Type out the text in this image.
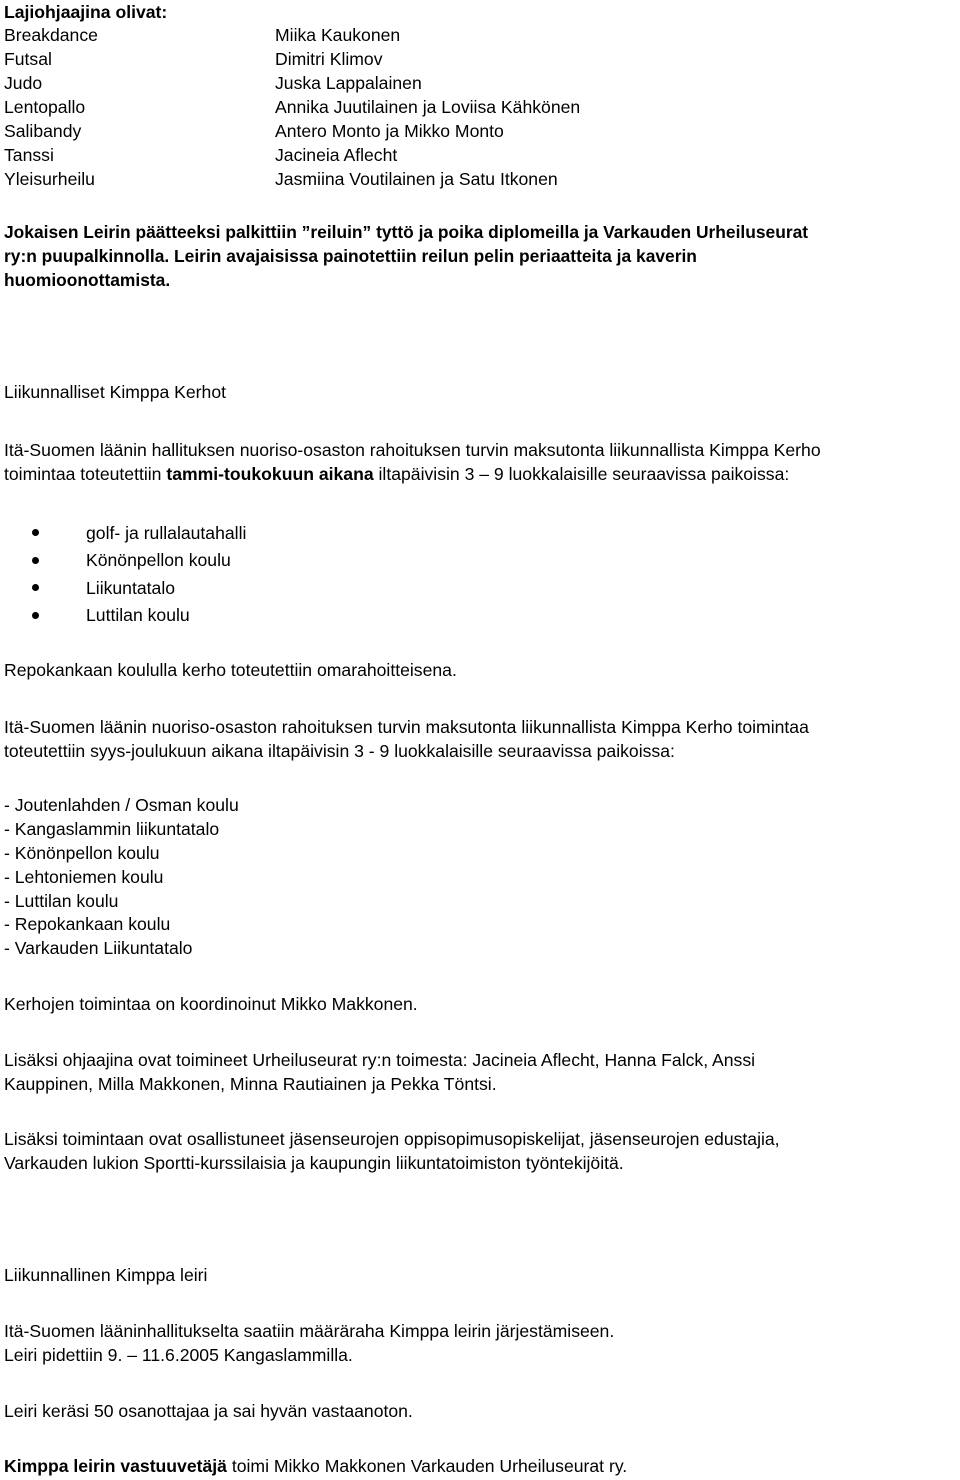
Lajiohjaajina olivat:

Breakdance
Futsal
Judo
Lentopallo
Salibandy
Tanssi
Yleisurheilu
Miika Kaukonen
Dimitri Klimov
Juska Lappalainen
Annika Juutilainen ja Loviisa Kähkönen
Antero Monto ja Mikko Monto
Jacineia Aflecht
Jasmiina Voutilainen ja Satu Itkonen
Jokaisen Leirin päätteeksi palkittiin ”reiluin” tyttö ja poika diplomeilla ja Varkauden Urheiluseurat
ry:n puupalkinnolla. Leirin avajaisissa painotettiin reilun pelin periaatteita ja kaverin
huomioonottamista.

Liikunnalliset Kimppa Kerhot

Itä-Suomen läänin hallituksen nuoriso-osaston rahoituksen turvin maksutonta liikunnallista Kimppa Kerho
toimintaa toteutettiin tammi-toukokuun aikana iltapäivisin 3 – 9 luokkalaisille seuraavissa paikoissa:
golf- ja rullalautahalli
Könönpellon koulu
Liikuntatalo
Luttilan koulu

Repokankaan koululla kerho toteutettiin omarahoitteisena.

Itä-Suomen läänin nuoriso-osaston rahoituksen turvin maksutonta liikunnallista Kimppa Kerho toimintaa
toteutettiin syys-joulukuun aikana iltapäivisin 3 - 9 luokkalaisille seuraavissa paikoissa:
- Joutenlahden / Osman koulu
- Kangaslammin liikuntatalo
- Könönpellon koulu
- Lehtoniemen koulu
- Luttilan koulu
- Repokankaan koulu
- Varkauden Liikuntatalo

Kerhojen toimintaa on koordinoinut Mikko Makkonen.

Lisäksi ohjaajina ovat toimineet Urheiluseurat ry:n toimesta: Jacineia Aflecht, Hanna Falck, Anssi
Kauppinen, Milla Makkonen, Minna Rautiainen ja Pekka Töntsi.
Lisäksi toimintaan ovat osallistuneet jäsenseurojen oppisopimusopiskelijat, jäsenseurojen edustajia,
Varkauden lukion Sportti-kurssilaisia ja kaupungin liikuntatoimiston työntekijöitä.

Liikunnallinen Kimppa leiri

Itä-Suomen lääninhallitukselta saatiin määräraha Kimppa leirin järjestämiseen.
Leiri pidettiin 9. – 11.6.2005 Kangaslammilla.

Leiri keräsi 50 osanottajaa ja sai hyvän vastaanoton.

Kimppa leirin vastuuvetäjä toimi Mikko Makkonen Varkauden Urheiluseurat ry.
